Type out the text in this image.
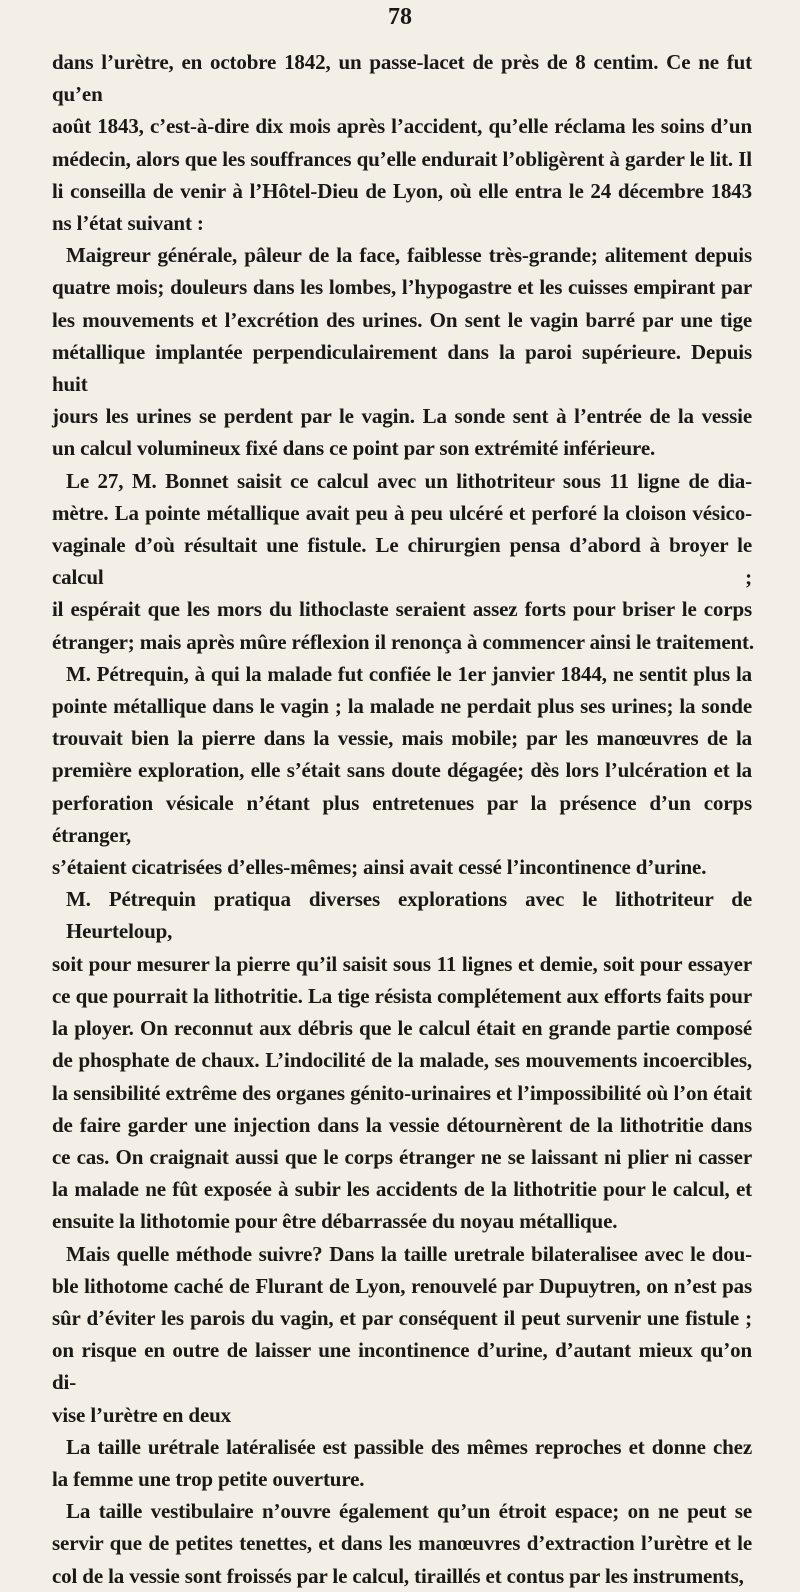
78
dans l’urètre, en octobre 1842, un passe-lacet de près de 8 centim. Ce ne fut qu’en
août 1843, c’est-à-dire dix mois après l’accident, qu’elle réclama les soins d’un
médecin, alors que les souffrances qu’elle endurait l’obligèrent à garder le lit. Il
li conseilla de venir à l’Hôtel-Dieu de Lyon, où elle entra le 24 décembre 1843
ns l’état suivant :
Maigreur générale, pâleur de la face, faiblesse très-grande; alitement depuis
quatre mois; douleurs dans les lombes, l’hypogastre et les cuisses empirant par
les mouvements et l’excrétion des urines. On sent le vagin barré par une tige
métallique implantée perpendiculairement dans la paroi supérieure. Depuis huit
jours les urines se perdent par le vagin. La sonde sent à l’entrée de la vessie
un calcul volumineux fixé dans ce point par son extrémité inférieure.
Le 27, M. Bonnet saisit ce calcul avec un lithotriteur sous 11 ligne de dia-
mètre. La pointe métallique avait peu à peu ulcéré et perforé la cloison vésico-
vaginale d’où résultait une fistule. Le chirurgien pensa d’abord à broyer le calcul ;
il espérait que les mors du lithoclaste seraient assez forts pour briser le corps
étranger; mais après mûre réflexion il renonça à commencer ainsi le traitement.
M. Pétrequin, à qui la malade fut confiée le 1er janvier 1844, ne sentit plus la
pointe métallique dans le vagin ; la malade ne perdait plus ses urines; la sonde
trouvait bien la pierre dans la vessie, mais mobile; par les manœuvres de la
première exploration, elle s’était sans doute dégagée; dès lors l’ulcération et la
perforation vésicale n’étant plus entretenues par la présence d’un corps étranger,
s’étaient cicatrisées d’elles-mêmes; ainsi avait cessé l’incontinence d’urine.
M. Pétrequin pratiqua diverses explorations avec le lithotriteur de Heurteloup,
soit pour mesurer la pierre qu’il saisit sous 11 lignes et demie, soit pour essayer
ce que pourrait la lithotritie. La tige résista complétement aux efforts faits pour
la ployer. On reconnut aux débris que le calcul était en grande partie composé
de phosphate de chaux. L’indocilité de la malade, ses mouvements incoercibles,
la sensibilité extrême des organes génito-urinaires et l’impossibilité où l’on était
de faire garder une injection dans la vessie détournèrent de la lithotritie dans
ce cas. On craignait aussi que le corps étranger ne se laissant ni plier ni casser
la malade ne fût exposée à subir les accidents de la lithotritie pour le calcul, et
ensuite la lithotomie pour être débarrassée du noyau métallique.
Mais quelle méthode suivre? Dans la taille uretrale bilateralisee avec le dou-
ble lithotome caché de Flurant de Lyon, renouvelé par Dupuytren, on n’est pas
sûr d’éviter les parois du vagin, et par conséquent il peut survenir une fistule ;
on risque en outre de laisser une incontinence d’urine, d’autant mieux qu’on di-
vise l’urètre en deux
La taille urétrale latéralisée est passible des mêmes reproches et donne chez
la femme une trop petite ouverture.
La taille vestibulaire n’ouvre également qu’un étroit espace; on ne peut se
servir que de petites tenettes, et dans les manœuvres d’extraction l’urètre et le
col de la vessie sont froissés par le calcul, tiraillés et contus par les instruments,
